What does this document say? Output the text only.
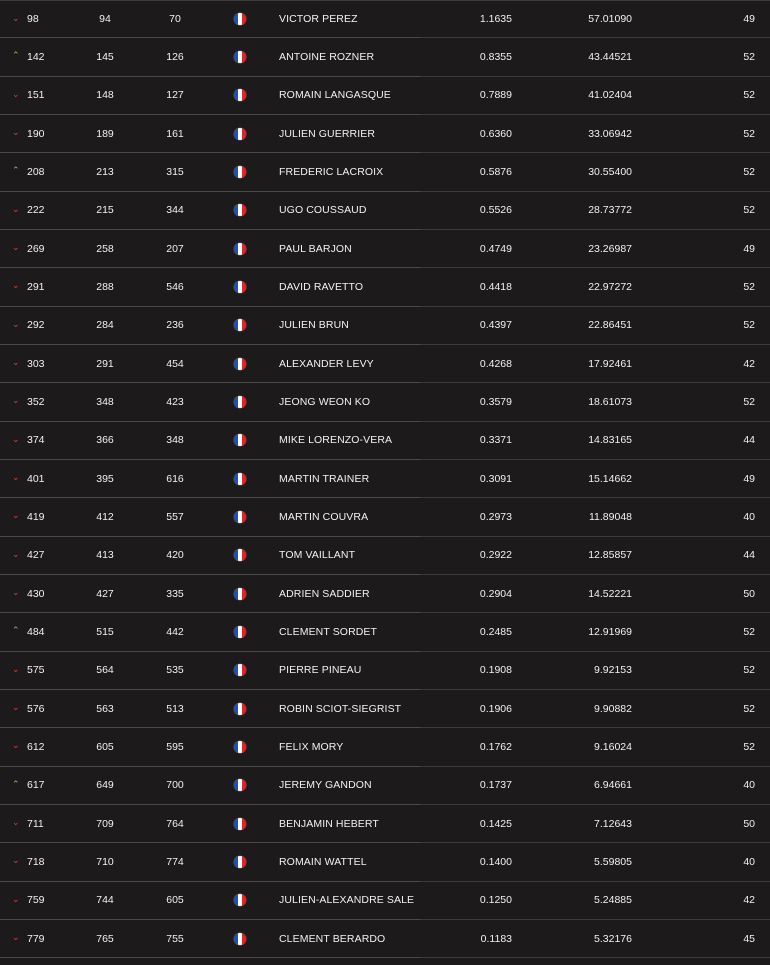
⌄ 98	94	70	VICTOR PEREZ	1.1635	57.01090	49
⌃ 142	145	126	ANTOINE ROZNER	0.8355	43.44521	52
⌄ 151	148	127	ROMAIN LANGASQUE	0.7889	41.02404	52
⌄ 190	189	161	JULIEN GUERRIER	0.6360	33.06942	52
⌃ 208	213	315	FREDERIC LACROIX	0.5876	30.55400	52
⌄ 222	215	344	UGO COUSSAUD	0.5526	28.73772	52
⌄ 269	258	207	PAUL BARJON	0.4749	23.26987	49
⌄ 291	288	546	DAVID RAVETTO	0.4418	22.97272	52
⌄ 292	284	236	JULIEN BRUN	0.4397	22.86451	52
⌄ 303	291	454	ALEXANDER LEVY	0.4268	17.92461	42
⌄ 352	348	423	JEONG WEON KO	0.3579	18.61073	52
⌄ 374	366	348	MIKE LORENZO-VERA	0.3371	14.83165	44
⌄ 401	395	616	MARTIN TRAINER	0.3091	15.14662	49
⌄ 419	412	557	MARTIN COUVRA	0.2973	11.89048	40
⌄ 427	413	420	TOM VAILLANT	0.2922	12.85857	44
⌄ 430	427	335	ADRIEN SADDIER	0.2904	14.52221	50
⌃ 484	515	442	CLEMENT SORDET	0.2485	12.91969	52
⌄ 575	564	535	PIERRE PINEAU	0.1908	9.92153	52
⌄ 576	563	513	ROBIN SCIOT-SIEGRIST	0.1906	9.90882	52
⌄ 612	605	595	FELIX MORY	0.1762	9.16024	52
⌃ 617	649	700	JEREMY GANDON	0.1737	6.94661	40
⌄ 711	709	764	BENJAMIN HEBERT	0.1425	7.12643	50
⌄ 718	710	774	ROMAIN WATTEL	0.1400	5.59805	40
⌄ 759	744	605	JULIEN-ALEXANDRE SALE	0.1250	5.24885	42
⌄ 779	765	755	CLEMENT BERARDO	0.1183	5.32176	45
